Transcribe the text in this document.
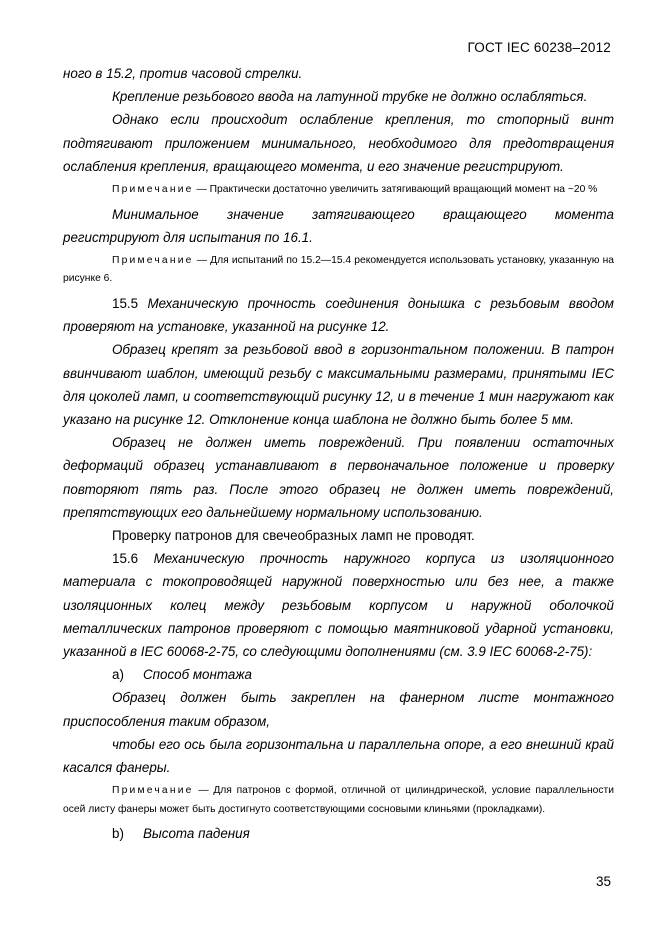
ГОСТ IEC 60238–2012

ного в 15.2, против часовой стрелки.

Крепление резьбового ввода на латунной трубке не должно ослабляться.

Однако если происходит ослабление крепления, то стопорный винт подтягивают приложением минимального, необходимого для предотвращения ослабления крепления, вращающего момента, и его значение регистрируют.

Примечание — Практически достаточно увеличить затягивающий вращающий момент на ~20 %

Минимальное значение затягивающего вращающего момента регистрируют для испытания по 16.1.

Примечание — Для испытаний по 15.2—15.4 рекомендуется использовать установку, указанную на рисунке 6.

15.5 Механическую прочность соединения донышка с резьбовым вводом проверяют на установке, указанной на рисунке 12.

Образец крепят за резьбовой ввод в горизонтальном положении. В патрон ввинчивают шаблон, имеющий резьбу с максимальными размерами, принятыми IEC для цоколей ламп, и соответствующий рисунку 12, и в течение 1 мин нагружают как указано на рисунке 12. Отклонение конца шаблона не должно быть более 5 мм.

Образец не должен иметь повреждений. При появлении остаточных деформаций образец устанавливают в первоначальное положение и проверку повторяют пять раз. После этого образец не должен иметь повреждений, препятствующих его дальнейшему нормальному использованию.

Проверку патронов для свечеобразных ламп не проводят.

15.6 Механическую прочность наружного корпуса из изоляционного материала с токопроводящей наружной поверхностью или без нее, а также изоляционных колец между резьбовым корпусом и наружной оболочкой металлических патронов проверяют с помощью маятниковой ударной установки, указанной в IEC 60068-2-75, со следующими дополнениями (см. 3.9 IEC 60068-2-75):

a)	Способ монтажа

Образец должен быть закреплен на фанерном листе монтажного приспособления таким образом,

чтобы его ось была горизонтальна и параллельна опоре, а его внешний край касался фанеры.

Примечание — Для патронов с формой, отличной от цилиндрической, условие параллельности осей листу фанеры может быть достигнуто соответствующими сосновыми клиньями (прокладками).

b)	Высота падения
35
